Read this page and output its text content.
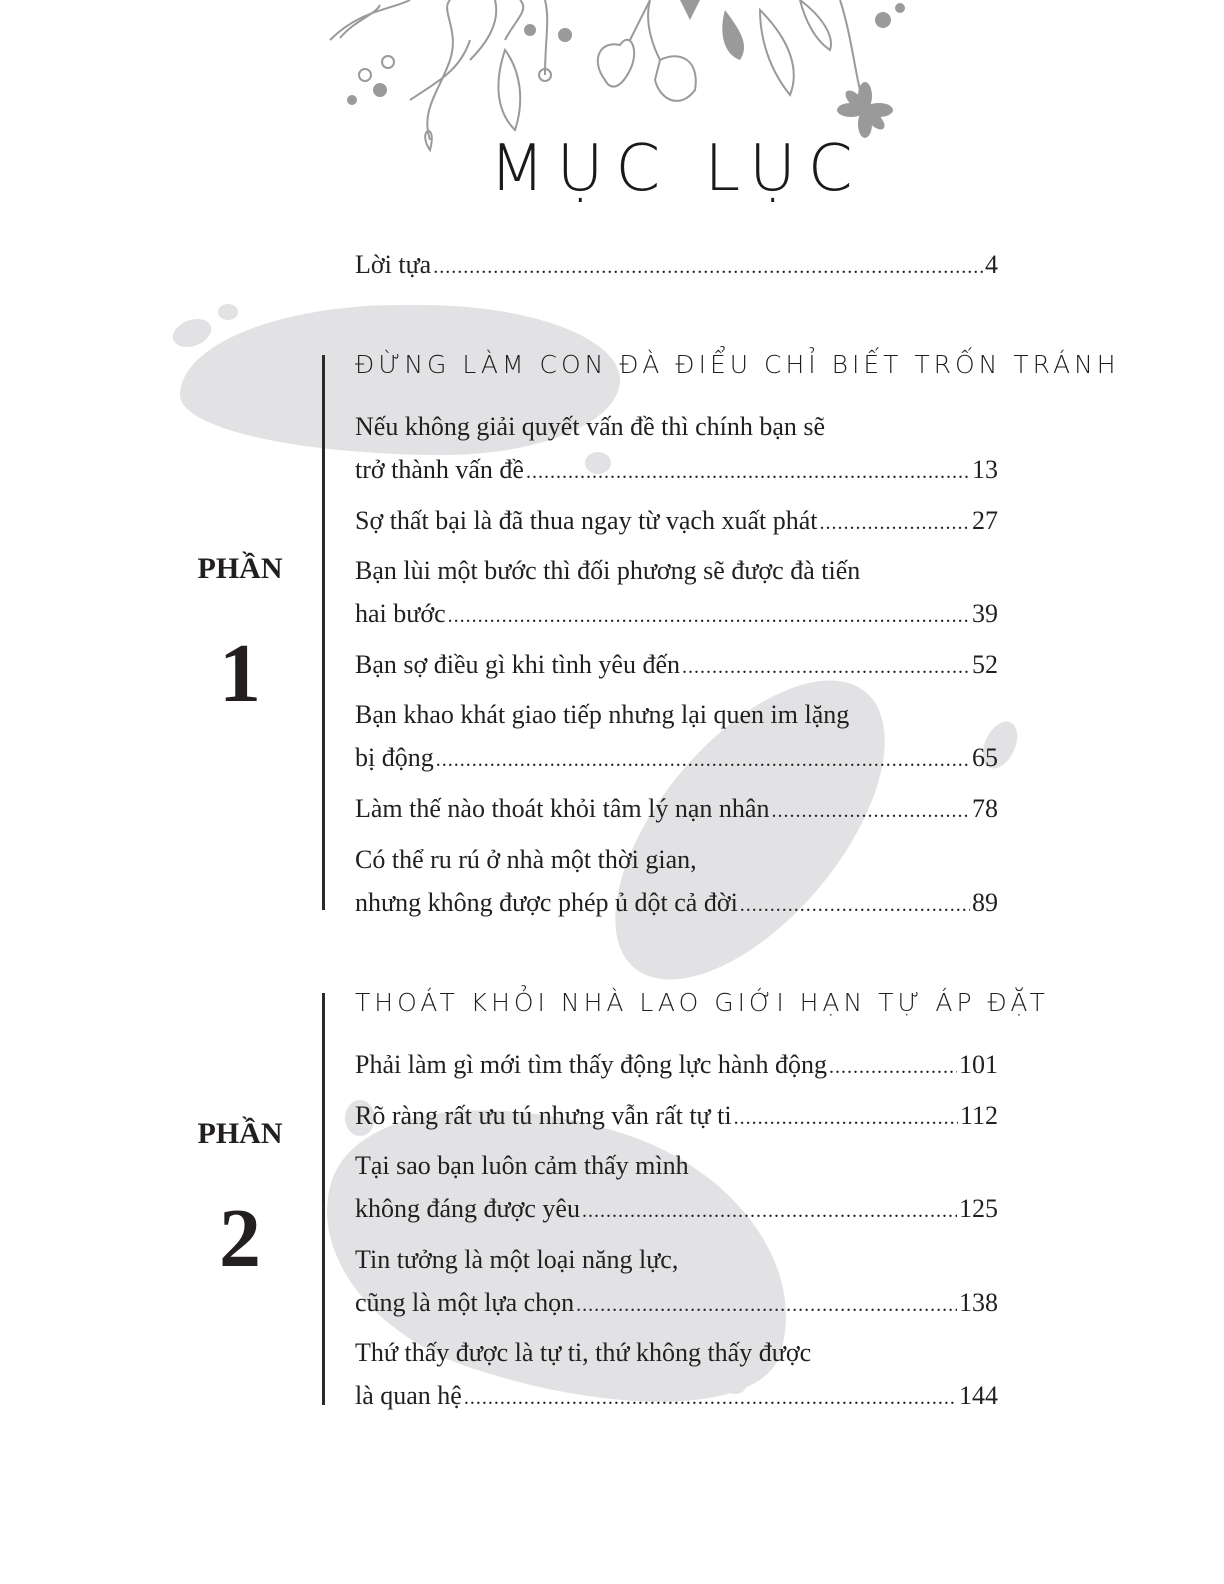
MỤC LỤC
Lời tựa .....	4
PHẦN
1
ĐỪNG LÀM CON ĐÀ ĐIỂU CHỈ BIẾT TRỐN TRÁNH
Nếu không giải quyết vấn đề thì chính bạn sẽ
trở thành vấn đề .....	13
Sợ thất bại là đã thua ngay từ vạch xuất phát .....	27
Bạn lùi một bước thì đối phương sẽ được đà tiến
hai bước .....	39
Bạn sợ điều gì khi tình yêu đến .....	52
Bạn khao khát giao tiếp nhưng lại quen im lặng
bị động .....	65
Làm thế nào thoát khỏi tâm lý nạn nhân .....	78
Có thể ru rú ở nhà một thời gian,
nhưng không được phép ủ dột cả đời .....	89
PHẦN
2
THOÁT KHỎI NHÀ LAO GIỚI HẠN TỰ ÁP ĐẶT
Phải làm gì mới tìm thấy động lực hành động .....	101
Rõ ràng rất ưu tú nhưng vẫn rất tự ti .....	112
Tại sao bạn luôn cảm thấy mình
không đáng được yêu .....	125
Tin tưởng là một loại năng lực,
cũng là một lựa chọn .....	138
Thứ thấy được là tự ti, thứ không thấy được
là quan hệ .....	144
